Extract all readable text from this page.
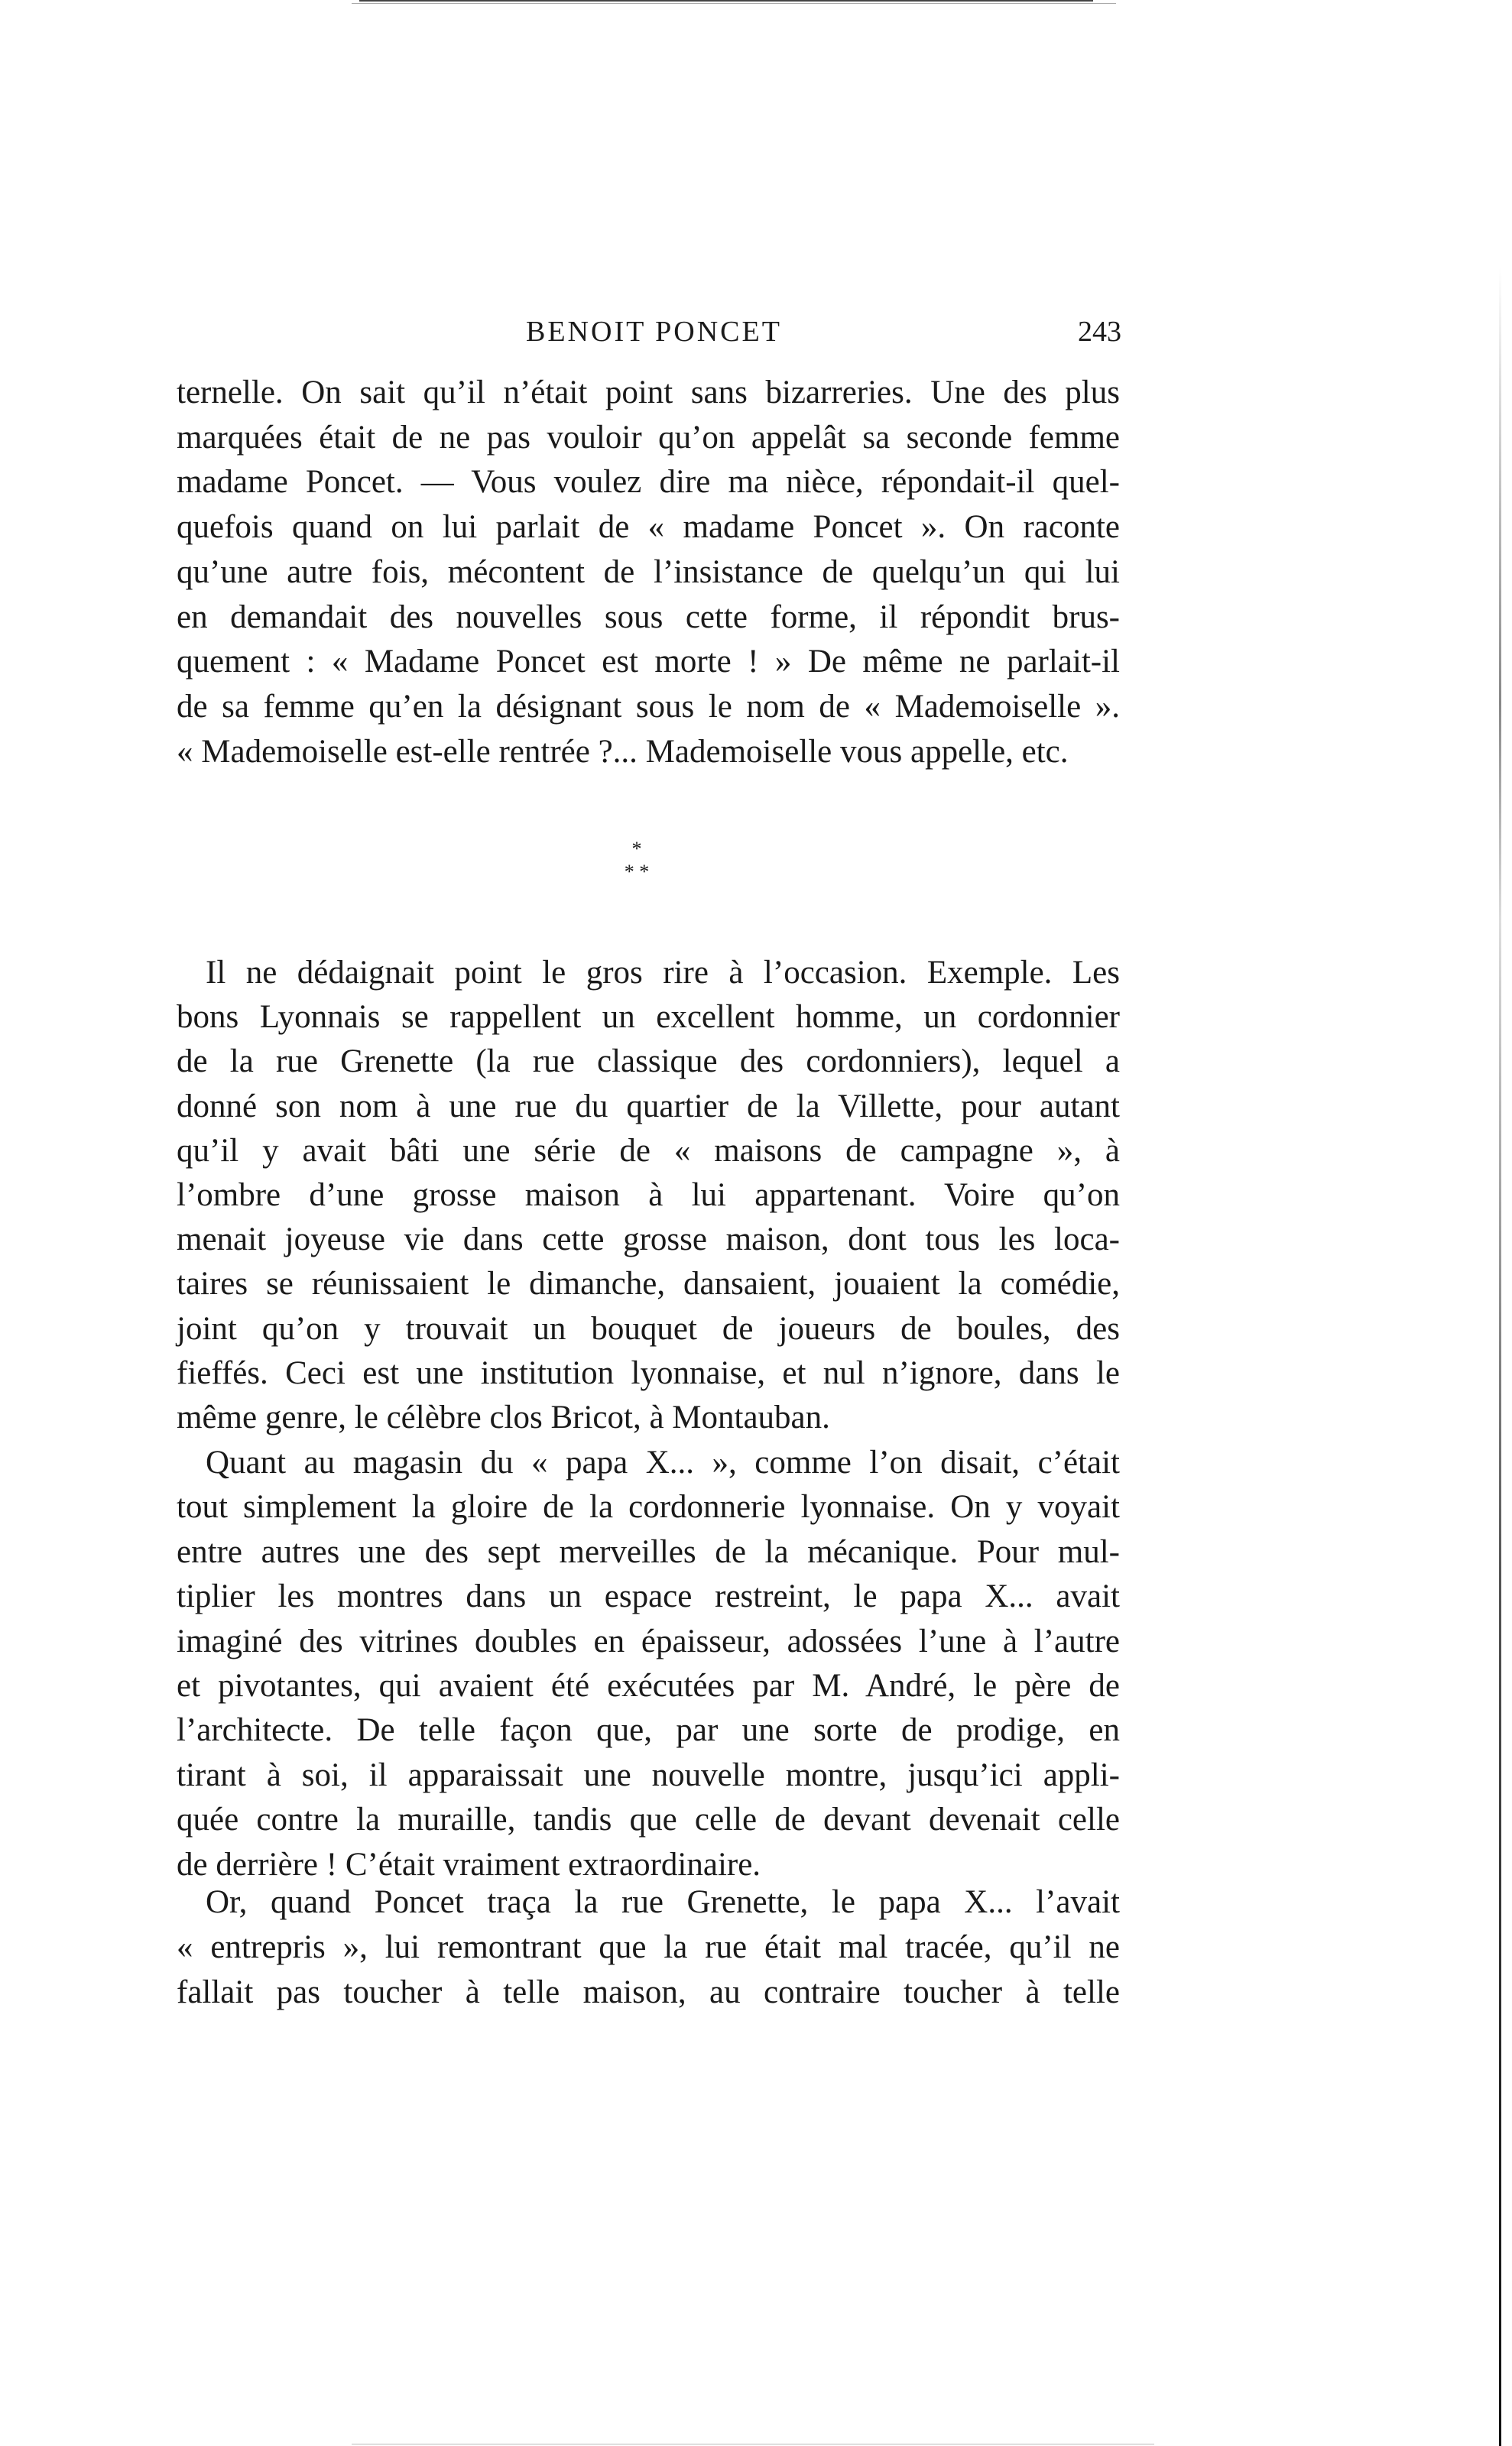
BENOIT PONCET	243
*
* *
ternelle. On sait qu’il n’était point sans bizarreries. Une des plus
marquées était de ne pas vouloir qu’on appelât sa seconde femme
madame Poncet. — Vous voulez dire ma nièce, répondait-il quel-
quefois quand on lui parlait de « madame Poncet ». On raconte
qu’une autre fois, mécontent de l’insistance de quelqu’un qui lui
en demandait des nouvelles sous cette forme, il répondit brus-
quement : « Madame Poncet est morte ! » De même ne parlait-il
de sa femme qu’en la désignant sous le nom de « Mademoiselle ».
« Mademoiselle est-elle rentrée ?... Mademoiselle vous appelle, etc.
Il ne dédaignait point le gros rire à l’occasion. Exemple. Les
bons Lyonnais se rappellent un excellent homme, un cordonnier
de la rue Grenette (la rue classique des cordonniers), lequel a
donné son nom à une rue du quartier de la Villette, pour autant
qu’il y avait bâti une série de « maisons de campagne », à
l’ombre d’une grosse maison à lui appartenant. Voire qu’on
menait joyeuse vie dans cette grosse maison, dont tous les loca-
taires se réunissaient le dimanche, dansaient, jouaient la comédie,
joint qu’on y trouvait un bouquet de joueurs de boules, des
fieffés. Ceci est une institution lyonnaise, et nul n’ignore, dans le
même genre, le célèbre clos Bricot, à Montauban.
Quant au magasin du « papa X... », comme l’on disait, c’était
tout simplement la gloire de la cordonnerie lyonnaise. On y voyait
entre autres une des sept merveilles de la mécanique. Pour mul-
tiplier les montres dans un espace restreint, le papa X... avait
imaginé des vitrines doubles en épaisseur, adossées l’une à l’autre
et pivotantes, qui avaient été exécutées par M. André, le père de
l’architecte. De telle façon que, par une sorte de prodige, en
tirant à soi, il apparaissait une nouvelle montre, jusqu’ici appli-
quée contre la muraille, tandis que celle de devant devenait celle
de derrière ! C’était vraiment extraordinaire.
Or, quand Poncet traça la rue Grenette, le papa X... l’avait
« entrepris », lui remontrant que la rue était mal tracée, qu’il ne
fallait pas toucher à telle maison, au contraire toucher à telle
